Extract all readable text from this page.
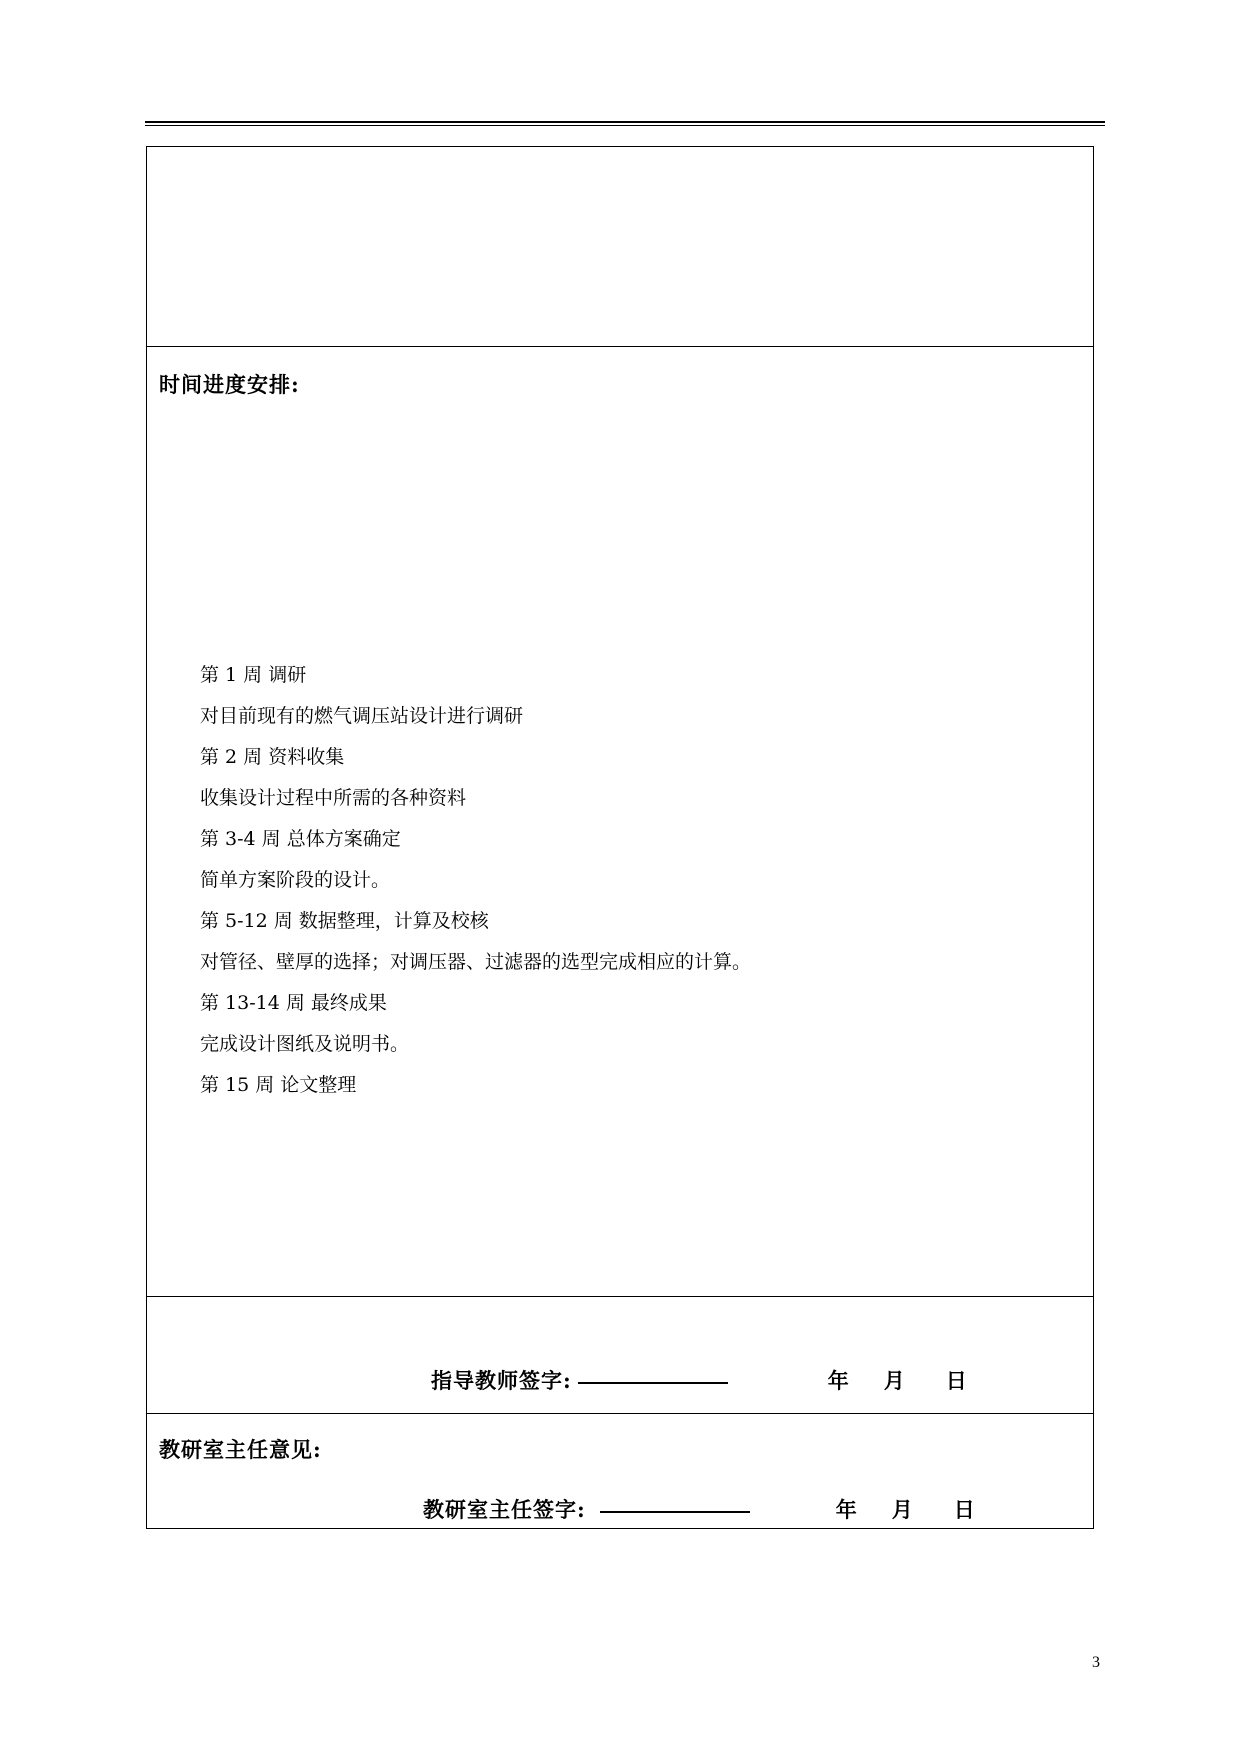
时间进度安排:
第 1 周 调研
对目前现有的燃气调压站设计进行调研
第 2 周 资料收集
收集设计过程中所需的各种资料
第 3-4 周 总体方案确定
简单方案阶段的设计。
第 5-12 周 数据整理，计算及校核
对管径、壁厚的选择；对调压器、过滤器的选型完成相应的计算。
第 13-14 周 最终成果
完成设计图纸及说明书。
第 15 周 论文整理
指导教师签字:	年 月 日
教研室主任意见:
教研室主任签字:	年 月 日
3
